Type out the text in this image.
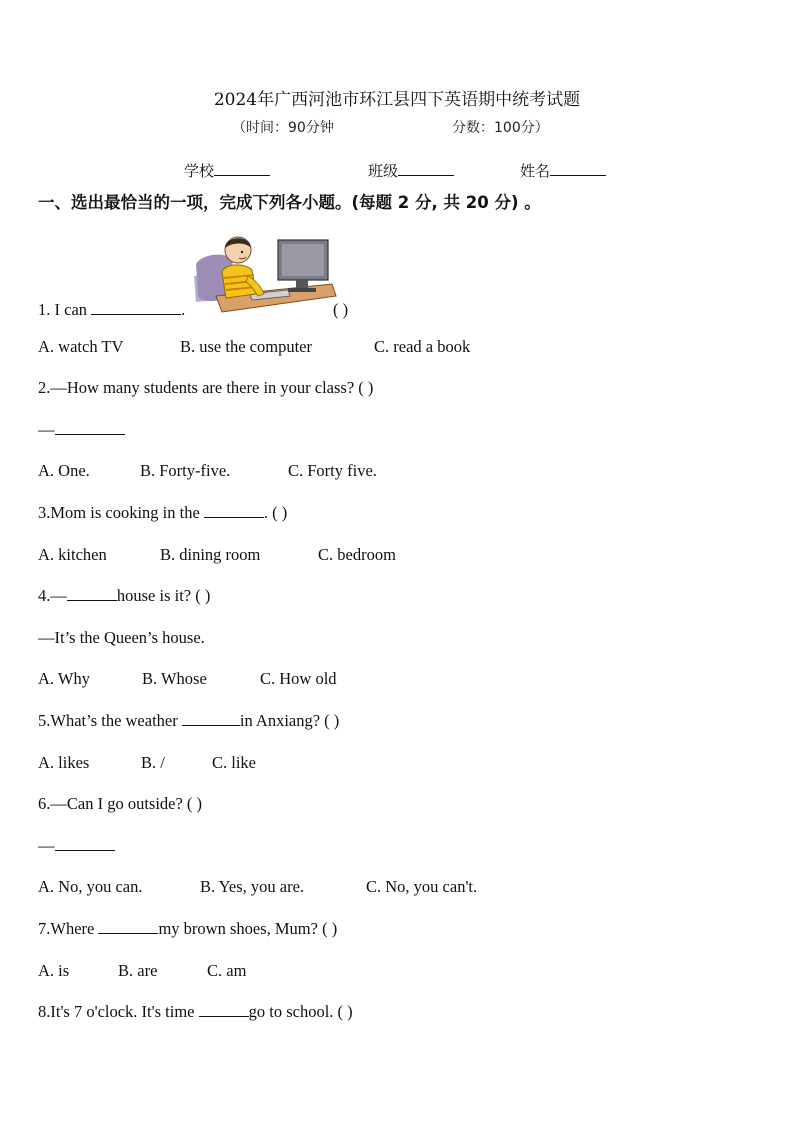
2024年广西河池市环江县四下英语期中统考试题
（时间：90分钟	分数：100分）
学校	班级	姓名
一、选出最恰当的一项，完成下列各小题。(每题 2 分, 共 20 分) 。
1. I can	.	( )
A. watch TV	B. use the computer	C. read a book
2.—How many students are there in your class? ( )
—
A. One.	B. Forty-five.	C. Forty five.
3.Mom is cooking in the	. ( )
A. kitchen	B. dining room	C. bedroom
4.—	house is it? ( )
—It’s the Queen’s house.
A. Why	B. Whose	C. How old
5.What’s the weather	in Anxiang? ( )
A. likes	B. /	C. like
6.—Can I go outside? ( )
—
A. No, you can.	B. Yes, you are.	C. No, you can't.
7.Where	my brown shoes, Mum? ( )
A. is	B. are	C. am
8.It's 7 o'clock. It's time	go to school. ( )
